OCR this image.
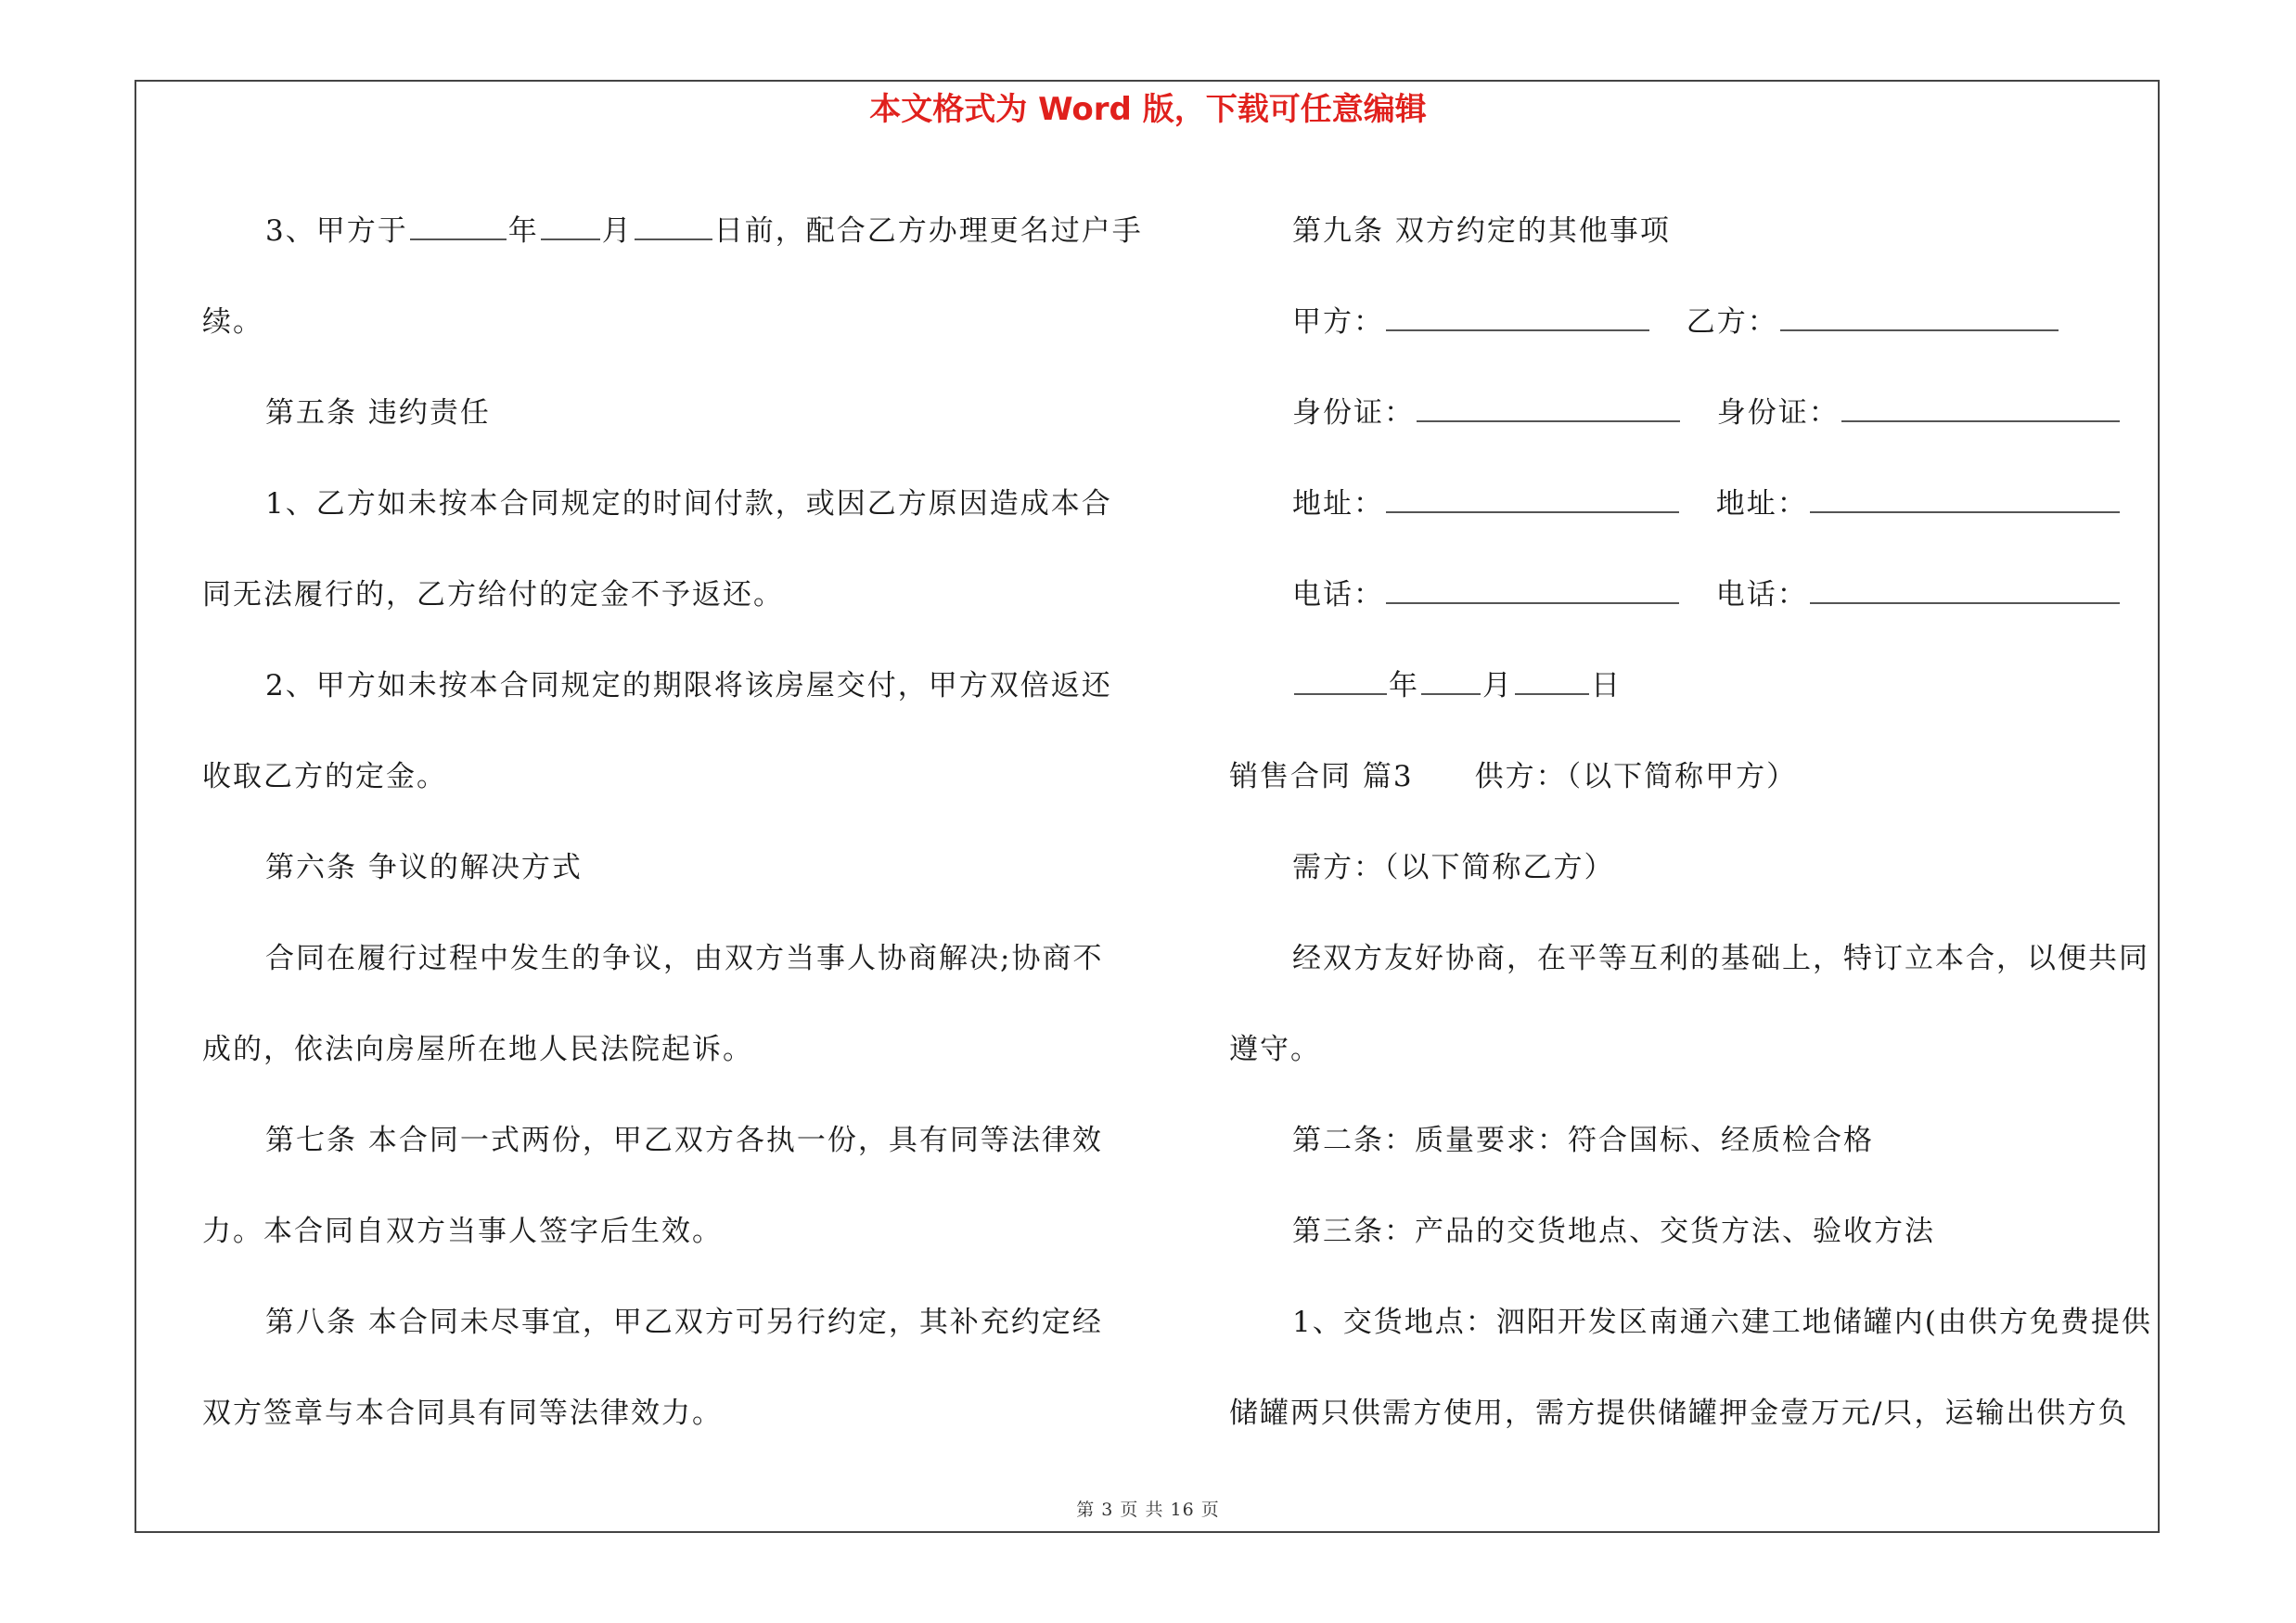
本文格式为 Word 版，下载可任意编辑
3、甲方于	年 月	日前，配合乙方办理更名过户手
续。
第五条 违约责任
1、乙方如未按本合同规定的时间付款，或因乙方原因造成本合
同无法履行的，乙方给付的定金不予返还。
2、甲方如未按本合同规定的期限将该房屋交付，甲方双倍返还
收取乙方的定金。
第六条 争议的解决方式
合同在履行过程中发生的争议，由双方当事人协商解决;协商不
成的，依法向房屋所在地人民法院起诉。
第七条 本合同一式两份，甲乙双方各执一份，具有同等法律效
力。本合同自双方当事人签字后生效。
第八条 本合同未尽事宜，甲乙双方可另行约定，其补充约定经
双方签章与本合同具有同等法律效力。
第九条 双方约定的其他事项
甲方：	乙方：
身份证：	身份证：
地址：	地址：
电话：	电话：
年 月	日
销售合同 篇3　　供方：（以下简称甲方）
需方：（以下简称乙方）
经双方友好协商，在平等互利的基础上，特订立本合，以便共同
遵守。
第二条：质量要求：符合国标、经质检合格
第三条：产品的交货地点、交货方法、验收方法
1、交货地点：泗阳开发区南通六建工地储罐内(由供方免费提供
储罐两只供需方使用，需方提供储罐押金壹万元/只，运输出供方负
第 3 页 共 16 页
